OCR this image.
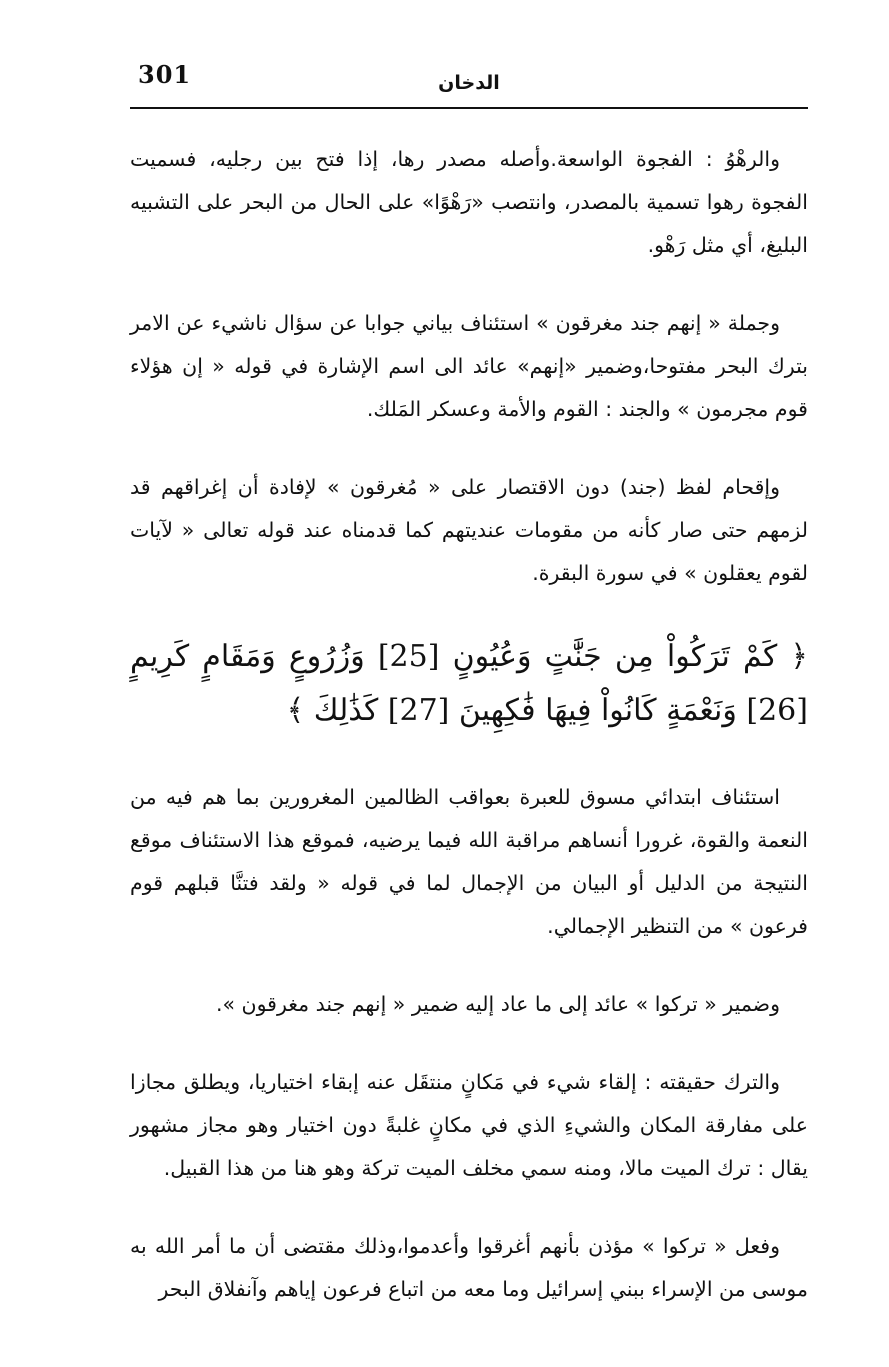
301	الدخان

والرهْوُ : الفجوة الواسعة.وأصله مصدر رها، إذا فتح بين رجليه، فسميت الفجوة رهوا تسمية بالمصدر، وانتصب «رَهْوًا» على الحال من البحر على التشبيه البليغ، أي مثل رَهْو.

وجملة « إنهم جند مغرقون » استئناف بياني جوابا عن سؤال ناشيء عن الامر بترك البحر مفتوحا،وضمير «إنهم» عائد الى اسم الإشارة في قوله « إن هؤلاء قوم مجرمون » والجند : القوم والأمة وعسكر المَلك.

وإقحام لفظ (جند) دون الاقتصار على « مُغرقون » لإفادة أن إغراقهم قد لزمهم حتى صار كأنه من مقومات عنديتهم كما قدمناه عند قوله تعالى « لآيات لقوم يعقلون » في سورة البقرة.

﴿ كَمْ تَرَكُواْ مِن جَنَّٰتٍ وَعُيُونٍ [25] وَزُرُوعٍ وَمَقَامٍ كَرِيمٍ [26] وَنَعْمَةٍ كَانُواْ فِيهَا فَٰكِهِينَ [27] كَذَٰلِكَ ﴾

استئناف ابتدائي مسوق للعبرة بعواقب الظالمين المغرورين بما هم فيه من النعمة والقوة، غرورا أنساهم مراقبة الله فيما يرضيه، فموقع هذا الاستئناف موقع النتيجة من الدليل أو البيان من الإجمال لما في قوله « ولقد فتنَّا قبلهم قوم فرعون » من التنظير الإجمالي.

وضمير « تركوا » عائد إلى ما عاد إليه ضمير « إنهم جند مغرقون ».

والترك حقيقته : إلقاء شيء في مَكانٍ منتقَل عنه إبقاء اختياريا، ويطلق مجازا على مفارقة المكان والشيءِ الذي في مكانٍ غلبةً دون اختيار وهو مجاز مشهور يقال : ترك الميت مالا، ومنه سمي مخلف الميت تركة وهو هنا من هذا القبيل.

وفعل « تركوا » مؤذن بأنهم أغرقوا وأعدموا،وذلك مقتضى أن ما أمر الله به موسى من الإسراء ببني إسرائيل وما معه من اتباع فرعون إياهم وآنفلاق البحر
